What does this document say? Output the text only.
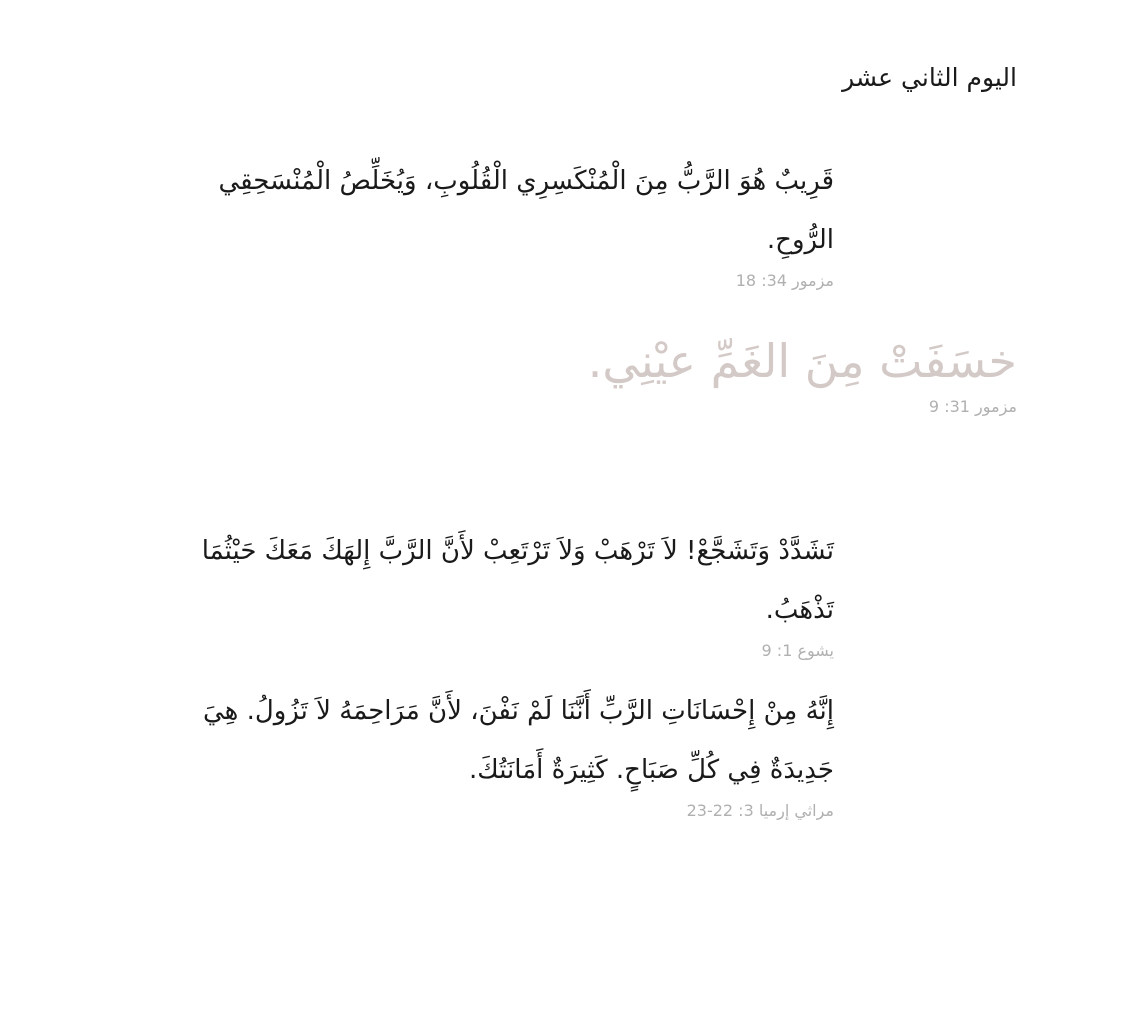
اليوم الثاني عشر

قَرِيبٌ هُوَ الرَّبُّ مِنَ الْمُنْكَسِرِي الْقُلُوبِ، وَيُخَلِّصُ الْمُنْسَحِقِي الرُّوحِ.

مزمور 34: 18

خسَفَتْ مِنَ الغَمِّ عيْنِي.

مزمور 31: 9

تَشَدَّدْ وَتَشَجَّعْ! لاَ تَرْهَبْ وَلاَ تَرْتَعِبْ لأَنَّ الرَّبَّ إِلهَكَ مَعَكَ حَيْثُمَا تَذْهَبُ.

يشوع 1: 9

إِنَّهُ مِنْ إِحْسَانَاتِ الرَّبِّ أَنَّنَا لَمْ نَفْنَ، لأَنَّ مَرَاحِمَهُ لاَ تَزُولُ. هِيَ جَدِيدَةٌ فِي كُلِّ صَبَاحٍ. كَثِيرَةٌ أَمَانَتُكَ.

مراثي إرميا 3: 22-23
